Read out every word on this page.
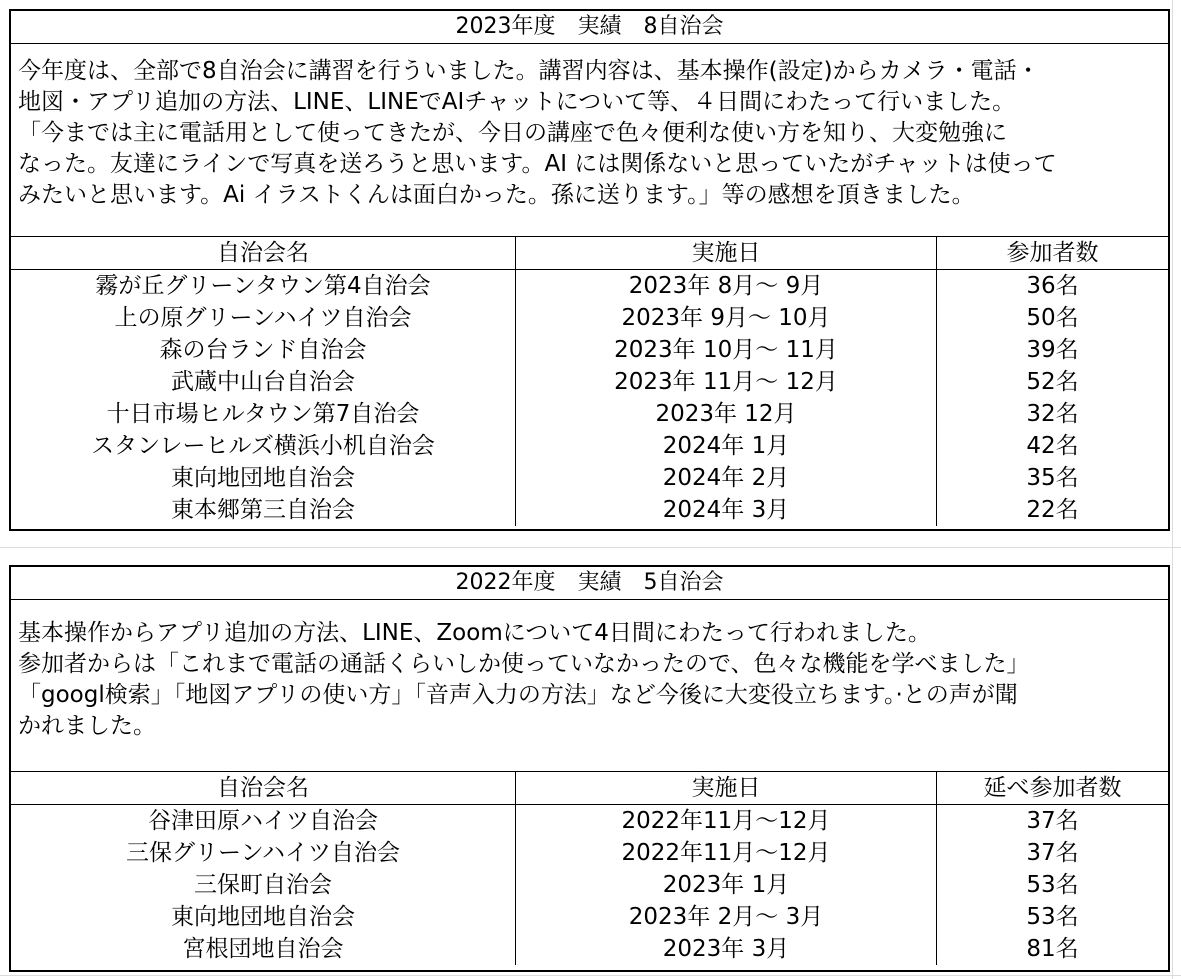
2023年度　実績　8自治会
今年度は、全部で8自治会に講習を行ういました。講習内容は、基本操作(設定)からカメラ・電話・
地図・アプリ追加の方法、LINE、LINEでAIチャットについて等、４日間にわたって行いました。
「今までは主に電話用として使ってきたが、今日の講座で色々便利な使い方を知り、大変勉強に
なった。友達にラインで写真を送ろうと思います。AI には関係ないと思っていたがチャットは使って
みたいと思います。Ai イラストくんは面白かった。孫に送ります。」等の感想を頂きました。
自治会名	実施日	参加者数
霧が丘グリーンタウン第4自治会	2023年 8月～ 9月	36名
上の原グリーンハイツ自治会	2023年 9月～ 10月	50名
森の台ランド自治会	2023年 10月～ 11月	39名
武蔵中山台自治会	2023年 11月～ 12月	52名
十日市場ヒルタウン第7自治会	2023年 12月	32名
スタンレーヒルズ横浜小机自治会	2024年 1月	42名
東向地団地自治会	2024年 2月	35名
東本郷第三自治会	2024年 3月	22名
2022年度　実績　5自治会
基本操作からアプリ追加の方法、LINE、Zoomについて4日間にわたって行われました。
参加者からは「これまで電話の通話くらいしか使っていなかったので、色々な機能を学べました」
「googl検索」「地図アプリの使い方」「音声入力の方法」など今後に大変役立ちます。·との声が聞
かれました。
自治会名	実施日	延べ参加者数
谷津田原ハイツ自治会	2022年11月～12月	37名
三保グリーンハイツ自治会	2022年11月～12月	37名
三保町自治会	2023年 1月	53名
東向地団地自治会	2023年 2月～ 3月	53名
宮根団地自治会	2023年 3月	81名
